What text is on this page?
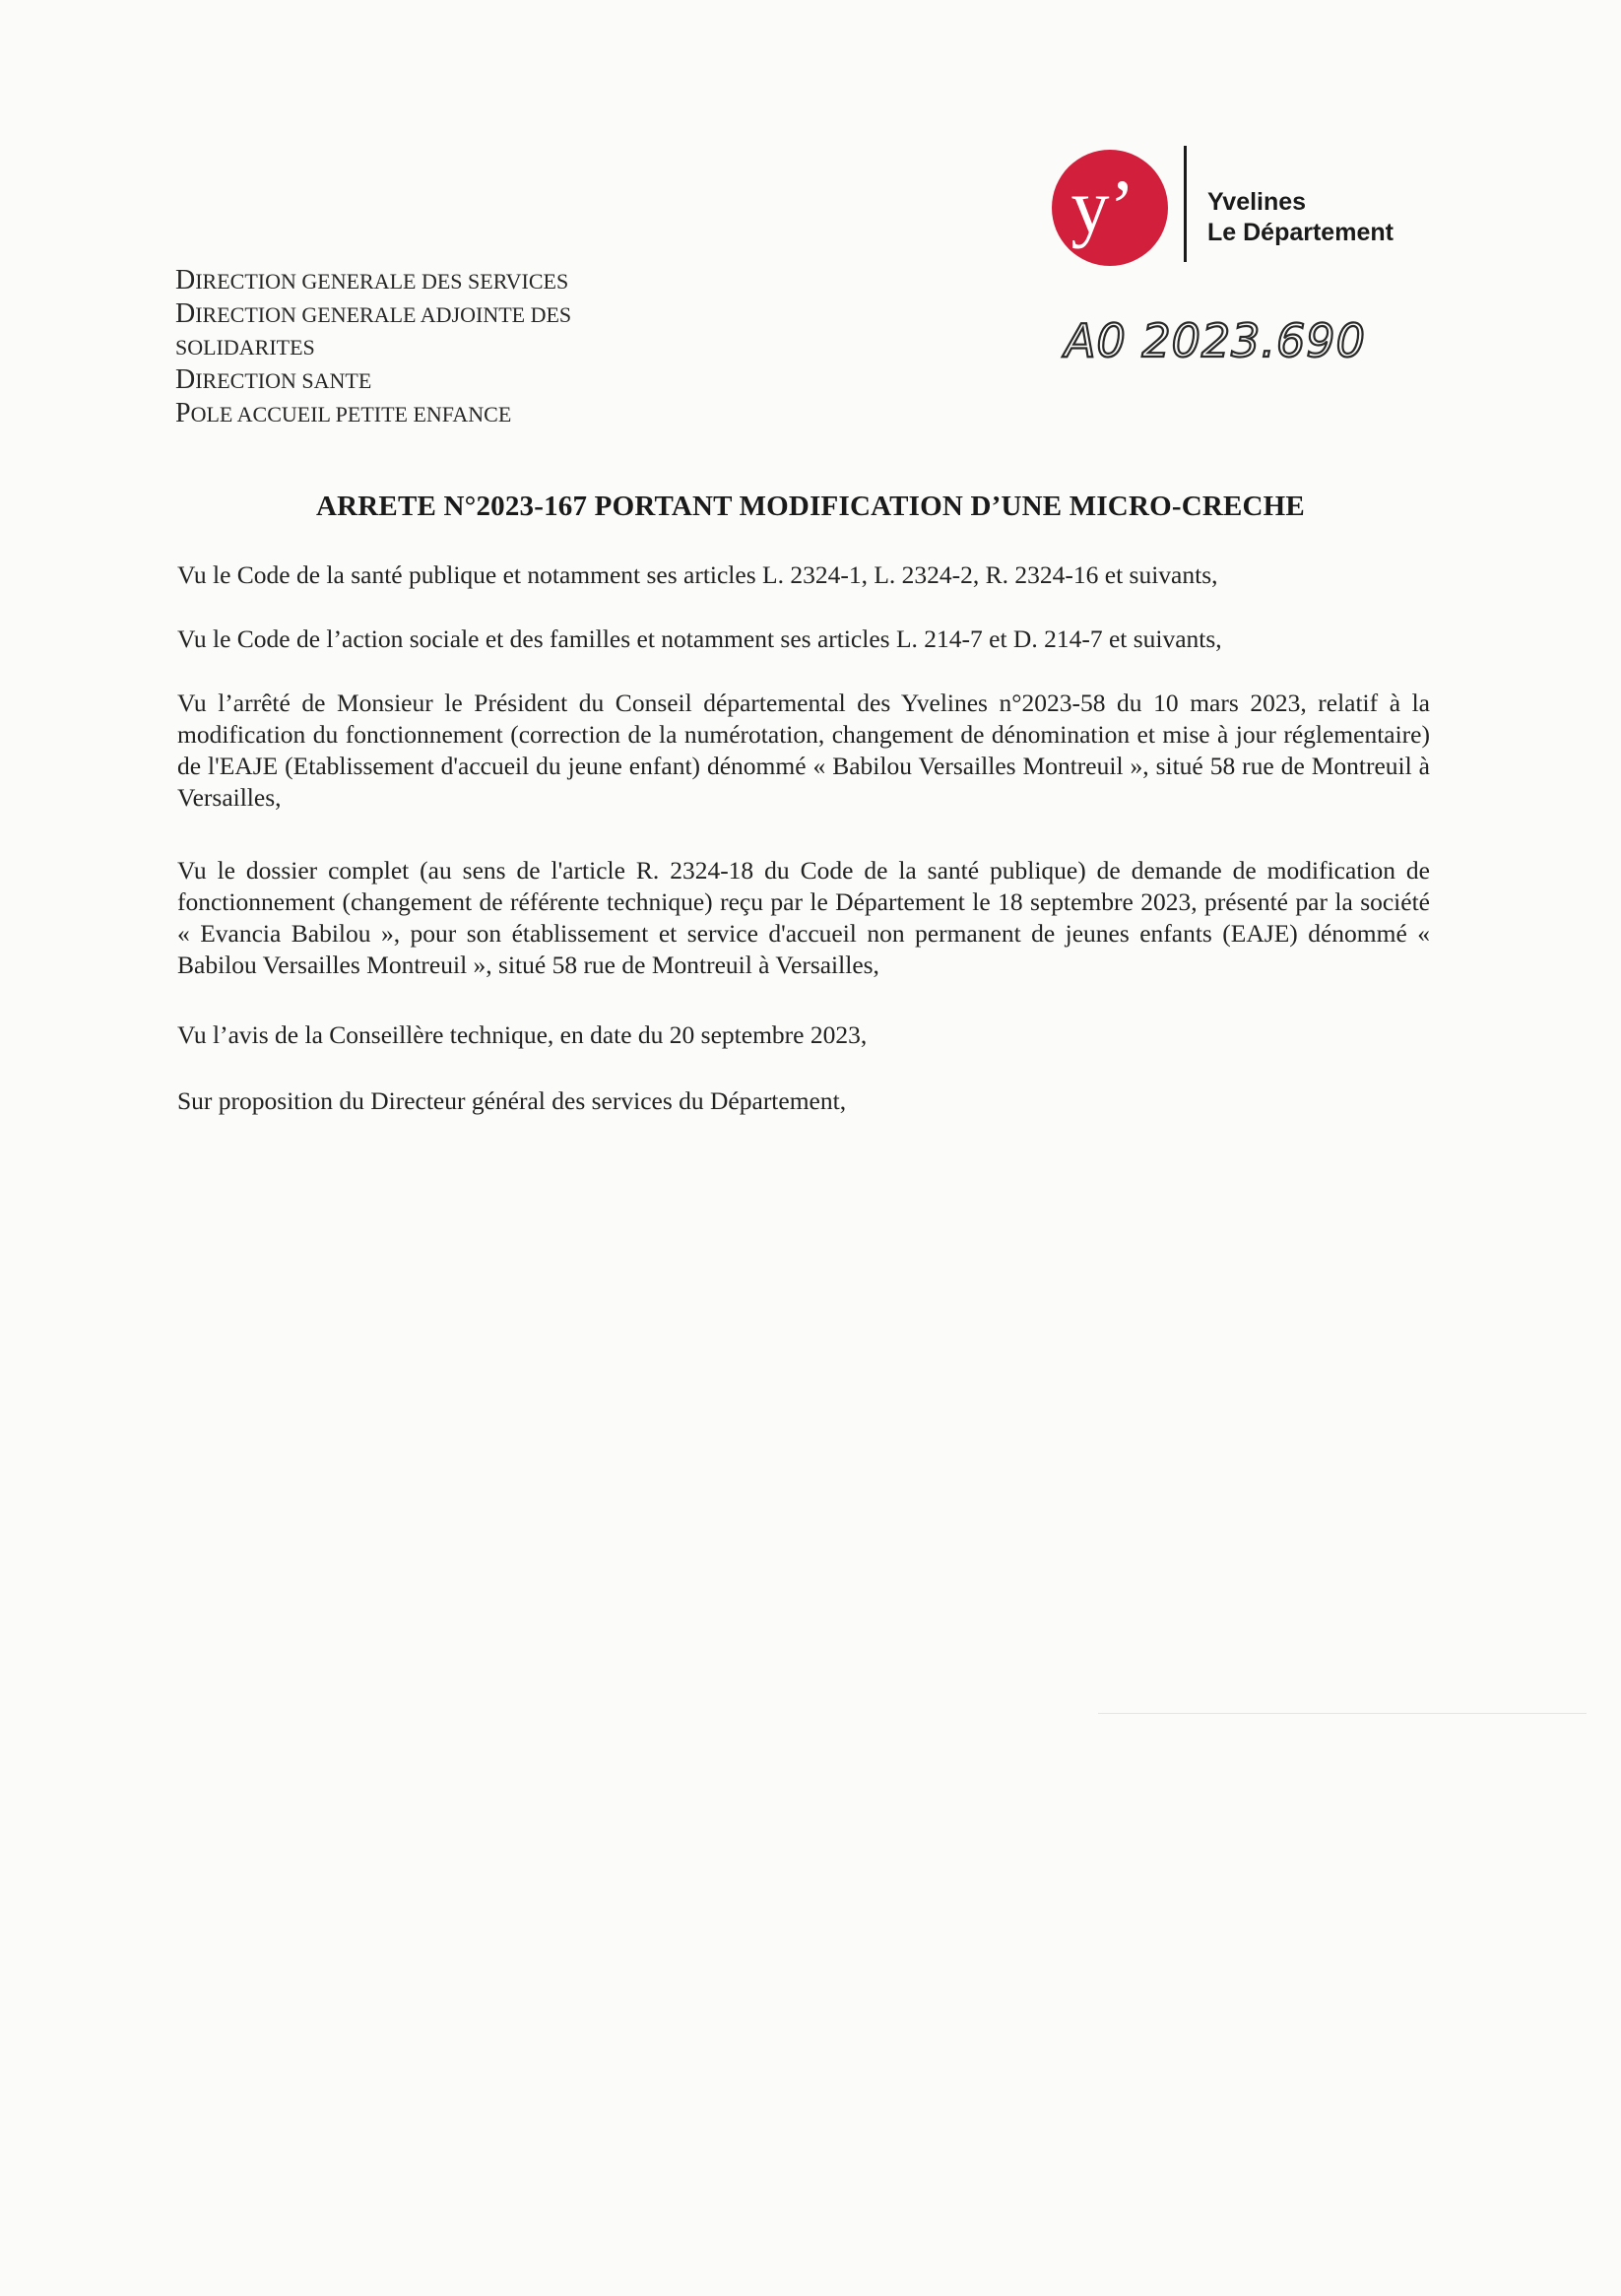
y’	Yvelines
Le Département
A0 2023.690
DIRECTION GENERALE DES SERVICES
DIRECTION GENERALE ADJOINTE DES
SOLIDARITES
DIRECTION SANTE
POLE ACCUEIL PETITE ENFANCE
ARRETE N°2023-167 PORTANT MODIFICATION D’UNE MICRO-CRECHE

Vu le Code de la santé publique et notamment ses articles L. 2324-1, L. 2324-2, R. 2324-16 et suivants,

Vu le Code de l’action sociale et des familles et notamment ses articles L. 214-7 et D. 214-7 et suivants,

Vu l’arrêté de Monsieur le Président du Conseil départemental des Yvelines n°2023-58 du 10 mars 2023, relatif à la modification du fonctionnement (correction de la numérotation, changement de dénomination et mise à jour réglementaire) de l'EAJE (Etablissement d'accueil du jeune enfant) dénommé « Babilou Versailles Montreuil », situé 58 rue de Montreuil à Versailles,

Vu le dossier complet (au sens de l'article R. 2324-18 du Code de la santé publique) de demande de modification de fonctionnement (changement de référente technique) reçu par le Département le 18 septembre 2023, présenté par la société « Evancia Babilou », pour son établissement et service d'accueil non permanent de jeunes enfants (EAJE) dénommé « Babilou Versailles Montreuil », situé 58 rue de Montreuil à Versailles,

Vu l’avis de la Conseillère technique, en date du 20 septembre 2023,

Sur proposition du Directeur général des services du Département,
